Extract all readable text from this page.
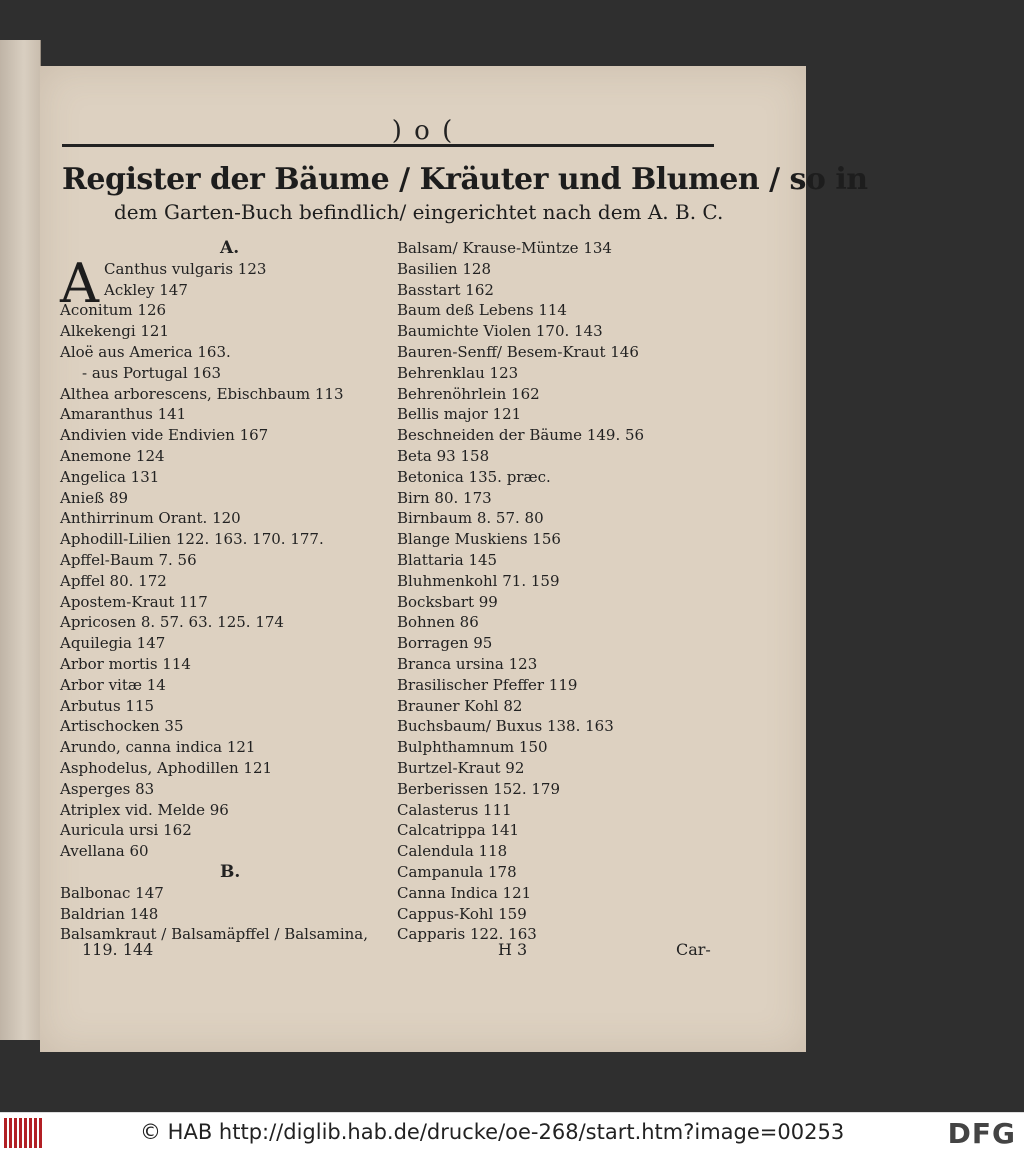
) o (
Register der Bäume / Kräuter und Blumen / so in
dem Garten-Buch befindlich/ eingerichtet nach dem A. B. C.
A
A.
Canthus vulgaris 123
Ackley 147
Aconitum 126
Alkekengi 121
Aloë aus America 163.
- aus Portugal 163
Althea arborescens, Ebischbaum 113
Amaranthus 141
Andivien vide Endivien 167
Anemone 124
Angelica 131
Anieß 89
Anthirrinum Orant. 120
Aphodill-Lilien 122. 163. 170. 177.
Apffel-Baum 7. 56
Apffel 80. 172
Apostem-Kraut 117
Apricosen 8. 57. 63. 125. 174
Aquilegia 147
Arbor mortis 114
Arbor vitæ 14
Arbutus 115
Artischocken 35
Arundo, canna indica 121
Asphodelus, Aphodillen 121
Asperges 83
Atriplex vid. Melde 96
Auricula ursi 162
Avellana 60
B.
Balbonac 147
Baldrian 148
Balsamkraut / Balsamäpffel / Balsamina,
Balsam/ Krause-Müntze 134
Basilien 128
Basstart 162
Baum deß Lebens 114
Baumichte Violen 170. 143
Bauren-Senff/ Besem-Kraut 146
Behrenklau 123
Behrenöhrlein 162
Bellis major 121
Beschneiden der Bäume 149. 56
Beta 93 158
Betonica 135. præc.
Birn 80. 173
Birnbaum 8. 57. 80
Blange Muskiens 156
Blattaria 145
Bluhmenkohl 71. 159
Bocksbart 99
Bohnen 86
Borragen 95
Branca ursina 123
Brasilischer Pfeffer 119
Brauner Kohl 82
Buchsbaum/ Buxus 138. 163
Bulphthamnum 150
Burtzel-Kraut 92
Berberissen 152. 179
Calasterus 111
Calcatrippa 141
Calendula 118
Campanula 178
Canna Indica 121
Cappus-Kohl 159
Capparis 122. 163
119. 144	H 3	Car-
© HAB http://diglib.hab.de/drucke/oe-268/start.htm?image=00253	DFG
